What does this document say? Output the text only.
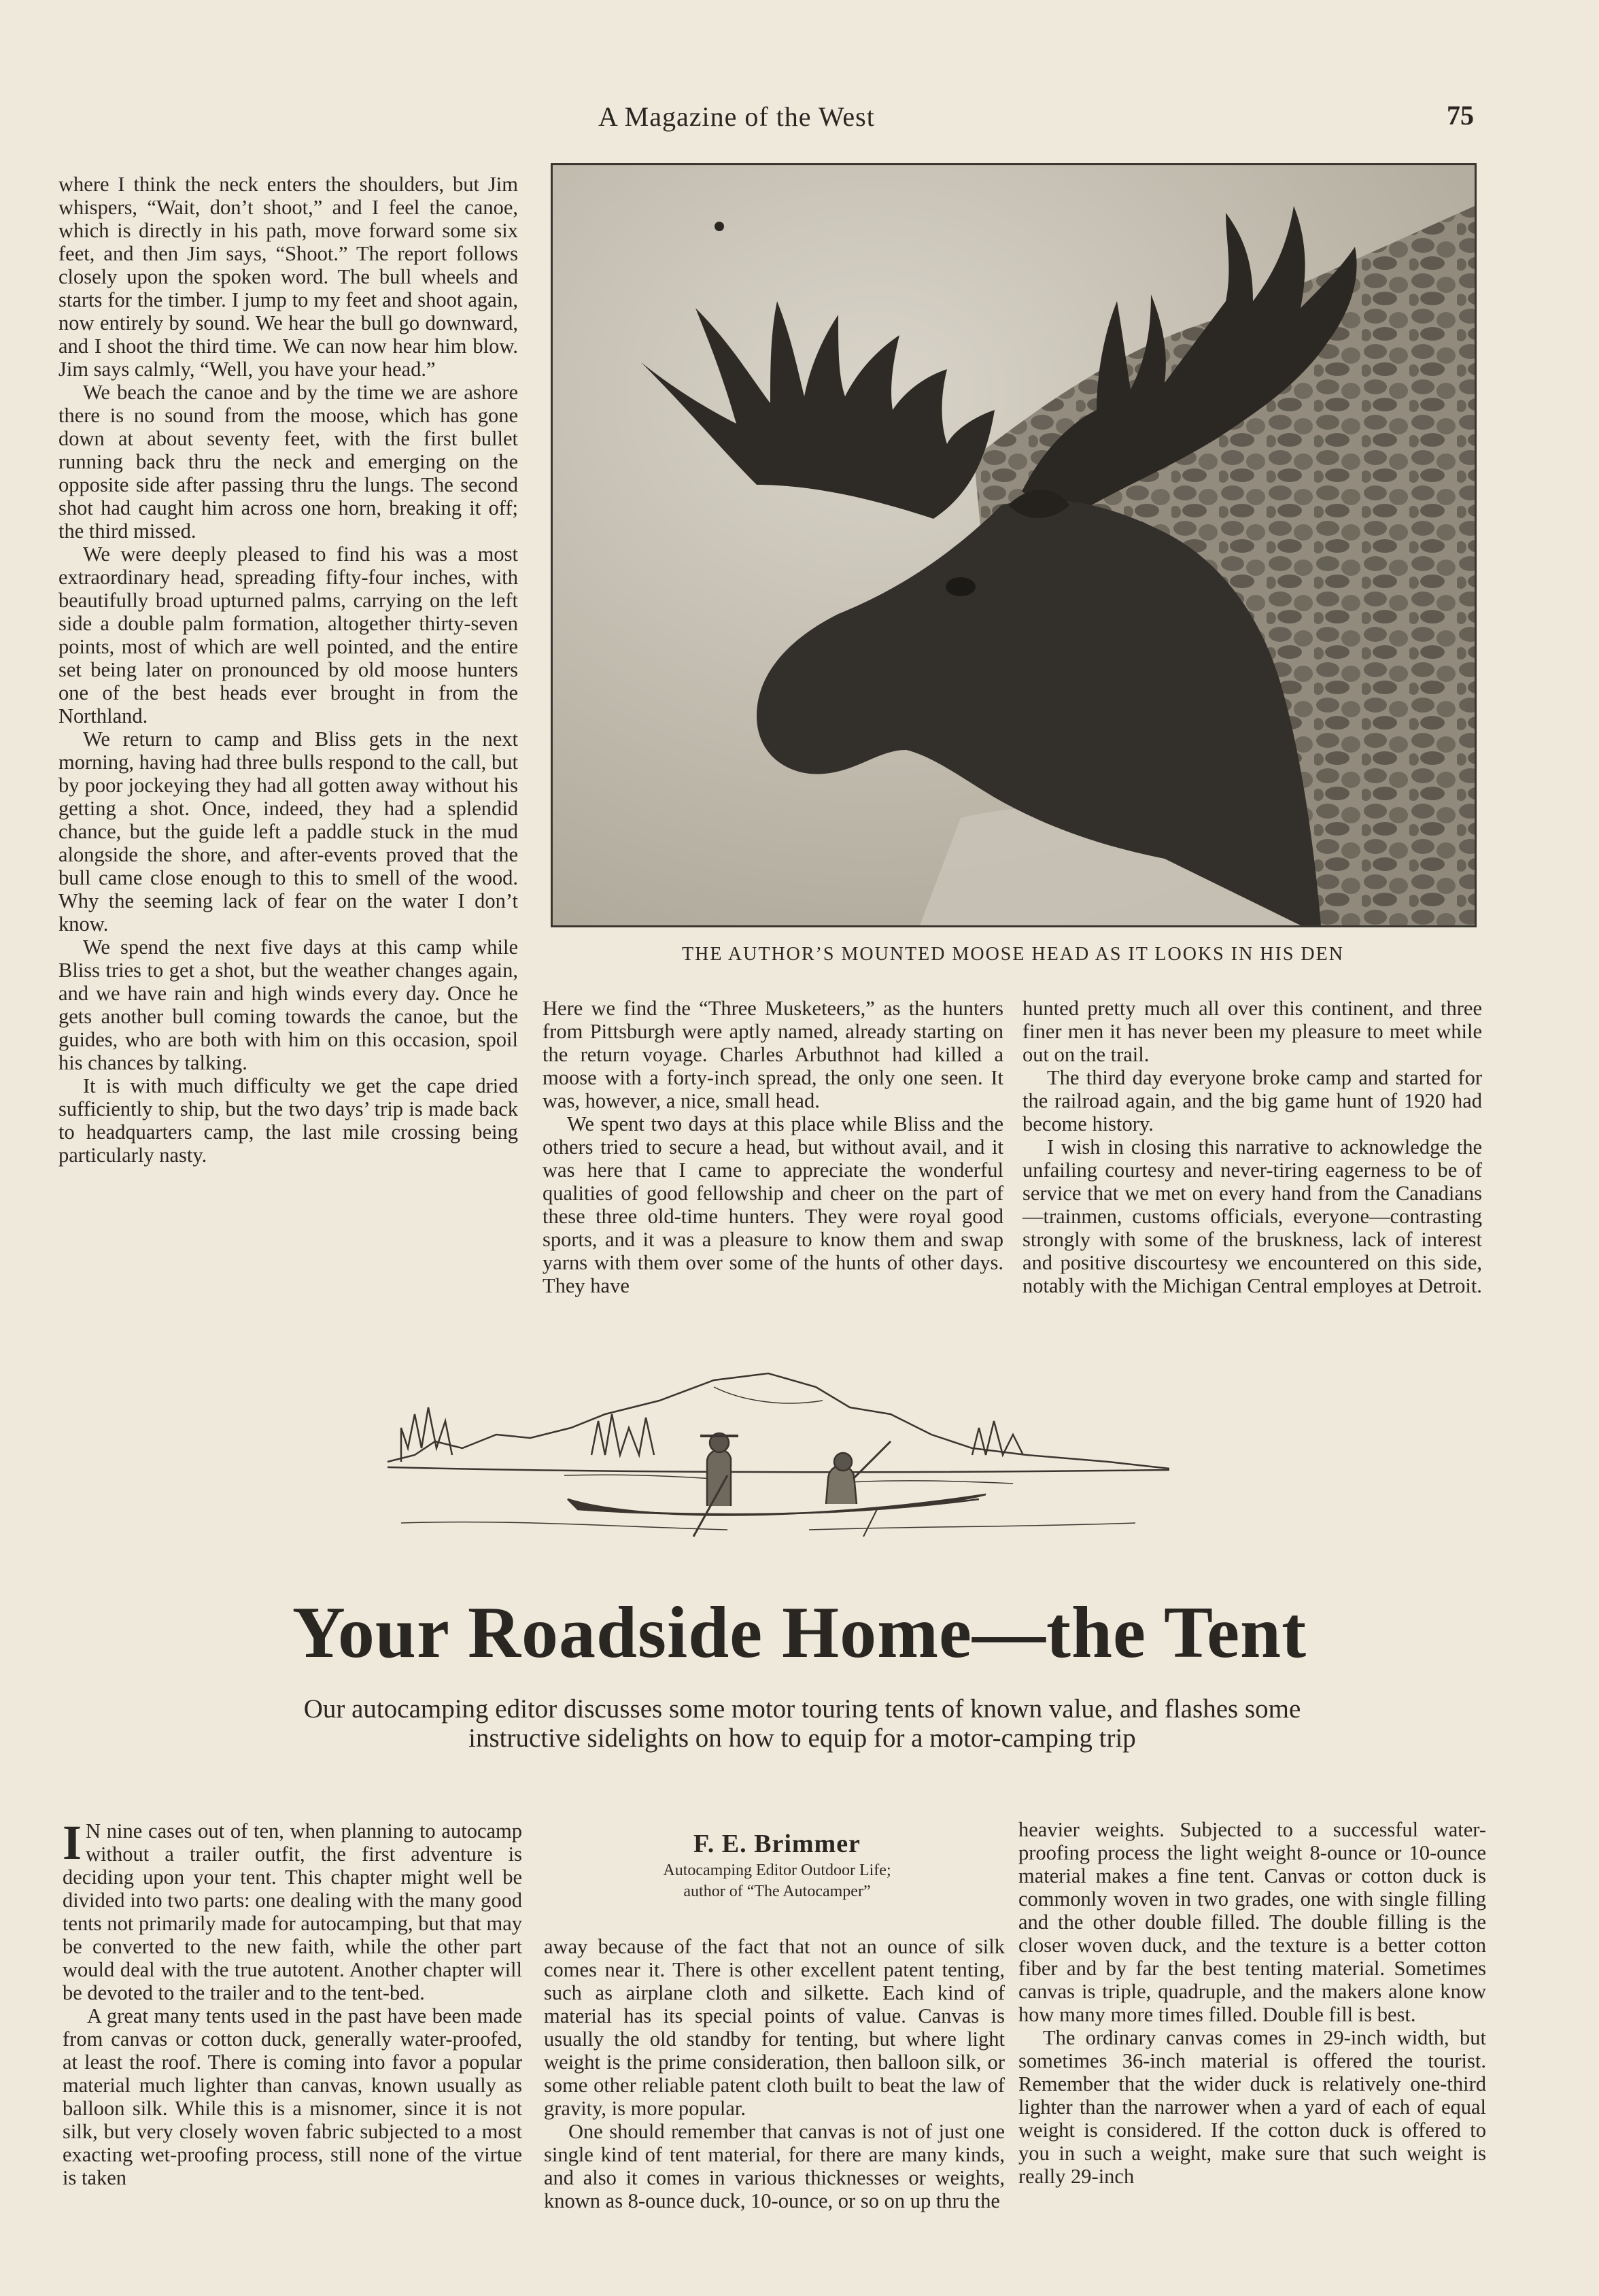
A Magazine of the West	75

where I think the neck enters the shoulders, but Jim whispers, “Wait, don’t shoot,” and I feel the canoe, which is directly in his path, move forward some six feet, and then Jim says, “Shoot.” The report follows closely upon the spoken word. The bull wheels and starts for the timber. I jump to my feet and shoot again, now entirely by sound. We hear the bull go downward, and I shoot the third time. We can now hear him blow. Jim says calmly, “Well, you have your head.”

We beach the canoe and by the time we are ashore there is no sound from the moose, which has gone down at about seventy feet, with the first bullet running back thru the neck and emerging on the opposite side after passing thru the lungs. The second shot had caught him across one horn, breaking it off; the third missed.

We were deeply pleased to find his was a most extraordinary head, spreading fifty-four inches, with beautifully broad upturned palms, carrying on the left side a double palm formation, altogether thirty-seven points, most of which are well pointed, and the entire set being later on pronounced by old moose hunters one of the best heads ever brought in from the Northland.

We return to camp and Bliss gets in the next morning, having had three bulls respond to the call, but by poor jockeying they had all gotten away without his getting a shot. Once, indeed, they had a splendid chance, but the guide left a paddle stuck in the mud alongside the shore, and after-events proved that the bull came close enough to this to smell of the wood. Why the seeming lack of fear on the water I don’t know.

We spend the next five days at this camp while Bliss tries to get a shot, but the weather changes again, and we have rain and high winds every day. Once he gets another bull coming towards the canoe, but the guides, who are both with him on this occasion, spoil his chances by talking.

It is with much difficulty we get the cape dried sufficiently to ship, but the two days’ trip is made back to headquarters camp, the last mile crossing being particularly nasty.

THE AUTHOR’S MOUNTED MOOSE HEAD AS IT LOOKS IN HIS DEN

Here we find the “Three Musketeers,” as the hunters from Pittsburgh were aptly named, already starting on the return voyage. Charles Arbuthnot had killed a moose with a forty-inch spread, the only one seen. It was, however, a nice, small head.

We spent two days at this place while Bliss and the others tried to secure a head, but without avail, and it was here that I came to appreciate the wonderful qualities of good fellowship and cheer on the part of these three old-time hunters. They were royal good sports, and it was a pleasure to know them and swap yarns with them over some of the hunts of other days. They have

hunted pretty much all over this continent, and three finer men it has never been my pleasure to meet while out on the trail.

The third day everyone broke camp and started for the railroad again, and the big game hunt of 1920 had become history.

I wish in closing this narrative to acknowledge the unfailing courtesy and never-tiring eagerness to be of service that we met on every hand from the Canadians—trainmen, customs officials, everyone—contrasting strongly with some of the bruskness, lack of interest and positive discourtesy we encountered on this side, notably with the Michigan Central employes at Detroit.

Your Roadside Home—the Tent
Our autocamping editor discusses some motor touring tents of known value, and flashes some instructive sidelights on how to equip for a motor-camping trip
F. E. Brimmer
Autocamping Editor Outdoor Life;
author of “The Autocamper”

I N nine cases out of ten, when planning to autocamp without a trailer outfit, the first adventure is deciding upon your tent. This chapter might well be divided into two parts: one dealing with the many good tents not primarily made for autocamping, but that may be converted to the new faith, while the other part would deal with the true autotent. Another chapter will be devoted to the trailer and to the tent-bed.

A great many tents used in the past have been made from canvas or cotton duck, generally water-proofed, at least the roof. There is coming into favor a popular material much lighter than canvas, known usually as balloon silk. While this is a misnomer, since it is not silk, but very closely woven fabric subjected to a most exacting wet-proofing process, still none of the virtue is taken

away because of the fact that not an ounce of silk comes near it. There is other excellent patent tenting, such as airplane cloth and silkette. Each kind of material has its special points of value. Canvas is usually the old standby for tenting, but where light weight is the prime consideration, then balloon silk, or some other reliable patent cloth built to beat the law of gravity, is more popular.

One should remember that canvas is not of just one single kind of tent material, for there are many kinds, and also it comes in various thicknesses or weights, known as 8-ounce duck, 10-ounce, or so on up thru the

heavier weights. Subjected to a successful water-proofing process the light weight 8-ounce or 10-ounce material makes a fine tent. Canvas or cotton duck is commonly woven in two grades, one with single filling and the other double filled. The double filling is the closer woven duck, and the texture is a better cotton fiber and by far the best tenting material. Sometimes canvas is triple, quadruple, and the makers alone know how many more times filled. Double fill is best.

The ordinary canvas comes in 29-inch width, but sometimes 36-inch material is offered the tourist. Remember that the wider duck is relatively one-third lighter than the narrower when a yard of each of equal weight is considered. If the cotton duck is offered to you in such a weight, make sure that such weight is really 29-inch
